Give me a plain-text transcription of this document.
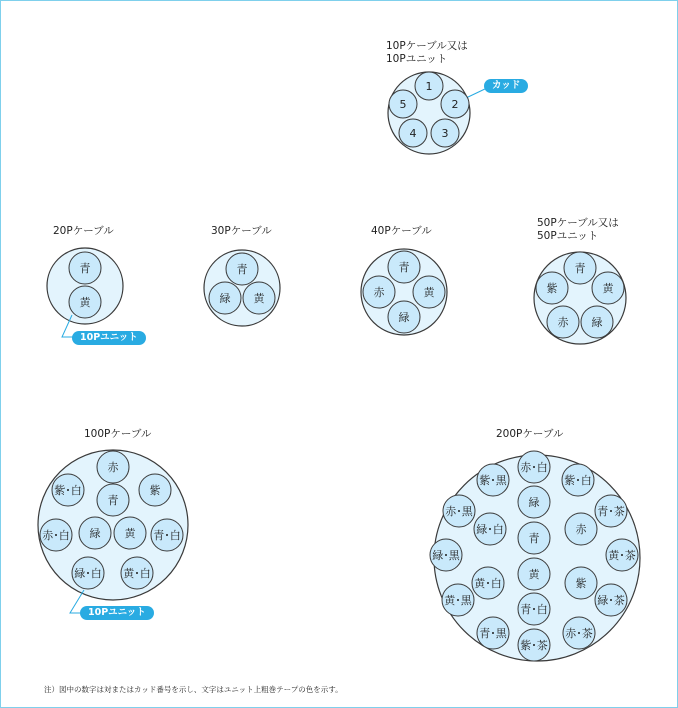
1
2
3
4
5
青
黄
青
緑 黄
青
赤	黄
緑
青
紫	黄
赤 緑
赤
紫･白	紫
青
赤･白 緑 黄 青･白
緑･白 黄･白
紫･黒
赤･白
紫･白
赤･黒
緑
青･茶
緑･白	赤
青
緑･黒	黄･茶
黄
紫
黄･白
黄･黒	緑･茶
青･白
青･黒	赤･茶
紫･茶
10Pケーブル又は
10Pユニット
20Pケーブル	30Pケーブル	40Pケーブル
50Pケーブル又は
50Pユニット
100Pケーブル	200Pケーブル
カッド
10Pユニット
10Pユニット
注）図中の数字は対またはカッド番号を示し、文字はユニット上粗巻テープの色を示す。
